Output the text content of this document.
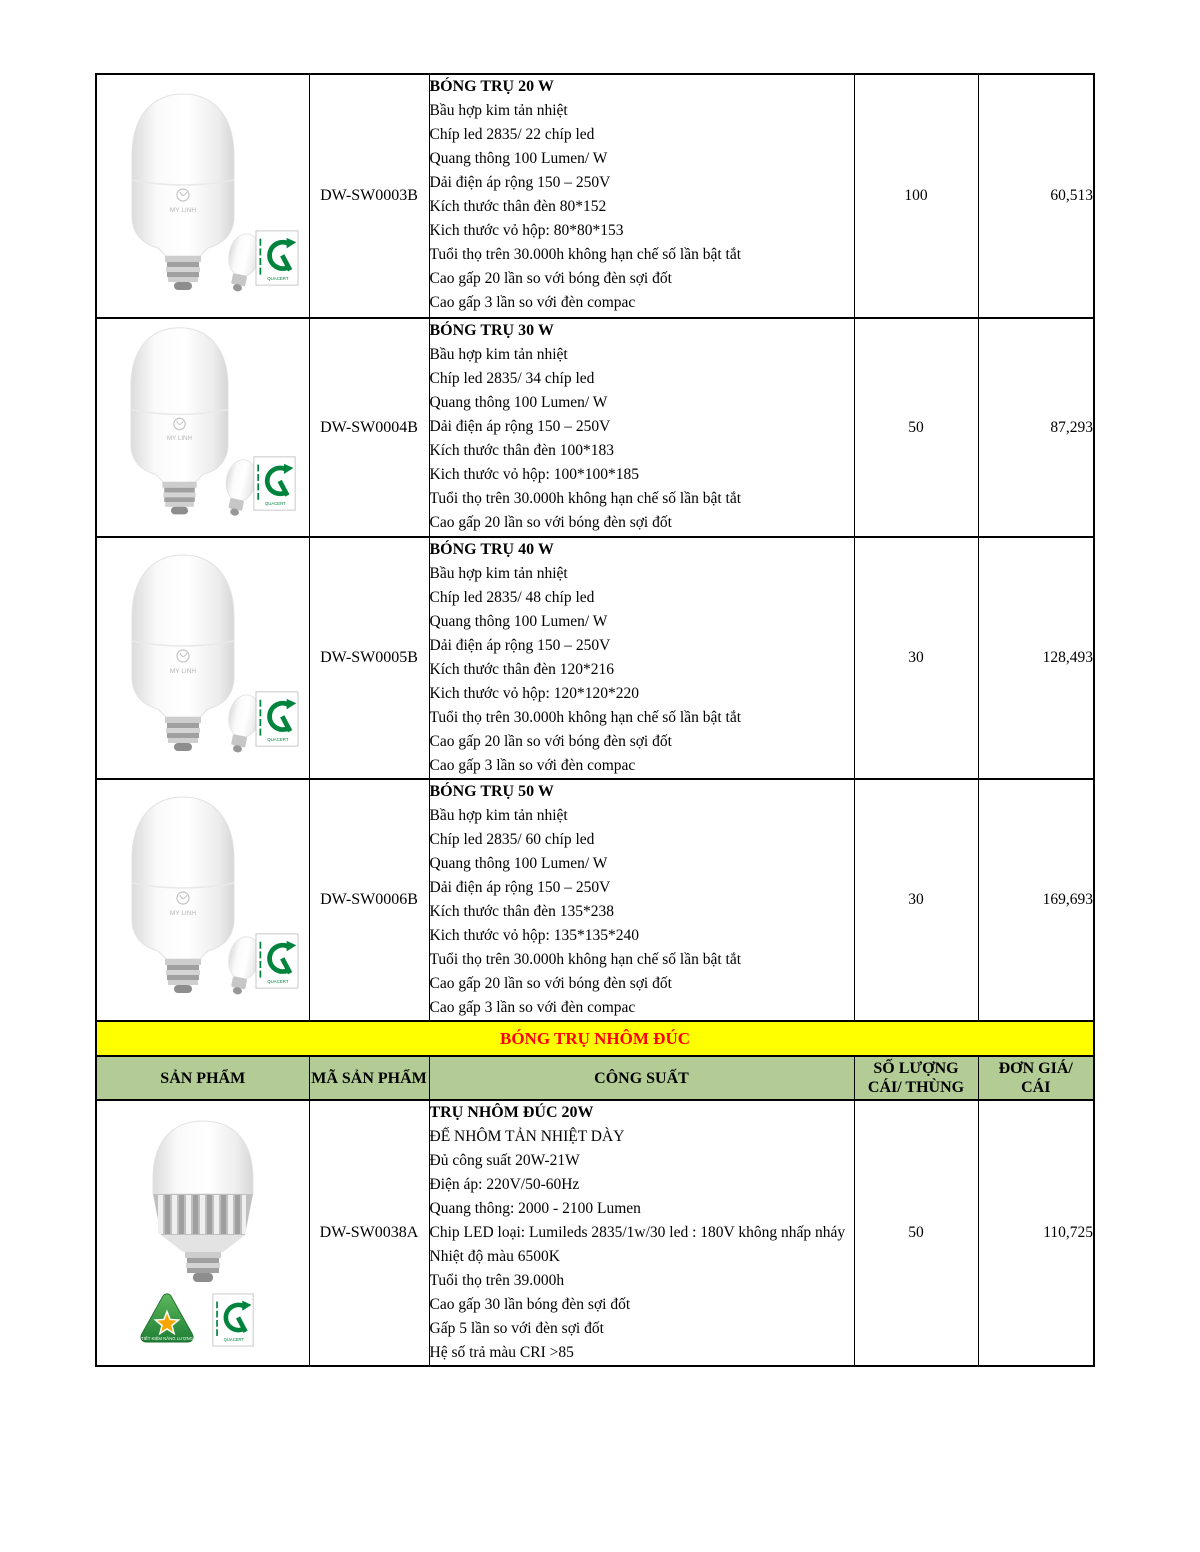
	DW-SW0003B	
BÓNG TRỤ 20 W
Bầu hợp kim tản nhiệt
Chíp led 2835/ 22 chíp led
Quang thông 100 Lumen/ W
Dải điện áp rộng 150 – 250V
Kích thước thân đèn 80*152
Kich thước vỏ hộp: 80*80*153
Tuổi thọ trên 30.000h không hạn chế số lần bật tắt
Cao gấp 20 lần so với bóng đèn sợi đốt
Cao gấp 3 lần so với đèn compac
	100	60,513
	DW-SW0004B	
BÓNG TRỤ 30 W
Bầu hợp kim tản nhiệt
Chíp led 2835/ 34 chíp led
Quang thông 100 Lumen/ W
Dải điện áp rộng 150 – 250V
Kích thước thân đèn 100*183
Kich thước vỏ hộp: 100*100*185
Tuổi thọ trên 30.000h không hạn chế số lần bật tắt
Cao gấp 20 lần so với bóng đèn sợi đốt
	50	87,293
	DW-SW0005B	
BÓNG TRỤ 40 W
Bầu hợp kim tản nhiệt
Chíp led 2835/ 48 chíp led
Quang thông 100 Lumen/ W
Dải điện áp rộng 150 – 250V
Kích thước thân đèn 120*216
Kich thước vỏ hộp: 120*120*220
Tuổi thọ trên 30.000h không hạn chế số lần bật tắt
Cao gấp 20 lần so với bóng đèn sợi đốt
Cao gấp 3 lần so với đèn compac
	30	128,493
	DW-SW0006B	
BÓNG TRỤ 50 W
Bầu hợp kim tản nhiệt
Chíp led 2835/ 60 chíp led
Quang thông 100 Lumen/ W
Dải điện áp rộng 150 – 250V
Kích thước thân đèn 135*238
Kich thước vỏ hộp: 135*135*240
Tuổi thọ trên 30.000h không hạn chế số lần bật tắt
Cao gấp 20 lần so với bóng đèn sợi đốt
Cao gấp 3 lần so với đèn compac
	30	169,693
BÓNG TRỤ NHÔM ĐÚC				
SẢN PHẨM	MÃ SẢN PHẨM	CÔNG SUẤT	SỐ LƯỢNG
CÁI/ THÙNG	ĐƠN GIÁ/
CÁI
	DW-SW0038A	
TRỤ NHÔM ĐÚC 20W
ĐẾ NHÔM TẢN NHIỆT DÀY
Đủ công suất 20W-21W
Điện áp: 220V/50-60Hz
Quang thông: 2000 - 2100 Lumen
Chip LED loại: Lumileds 2835/1w/30 led : 180V không nhấp nháy
Nhiệt độ màu 6500K
Tuổi thọ trên 39.000h
Cao gấp 30 lần bóng đèn sợi đốt
Gấp 5 lần so với đèn sợi đốt
Hệ số trả màu CRI >85
	50	110,725
